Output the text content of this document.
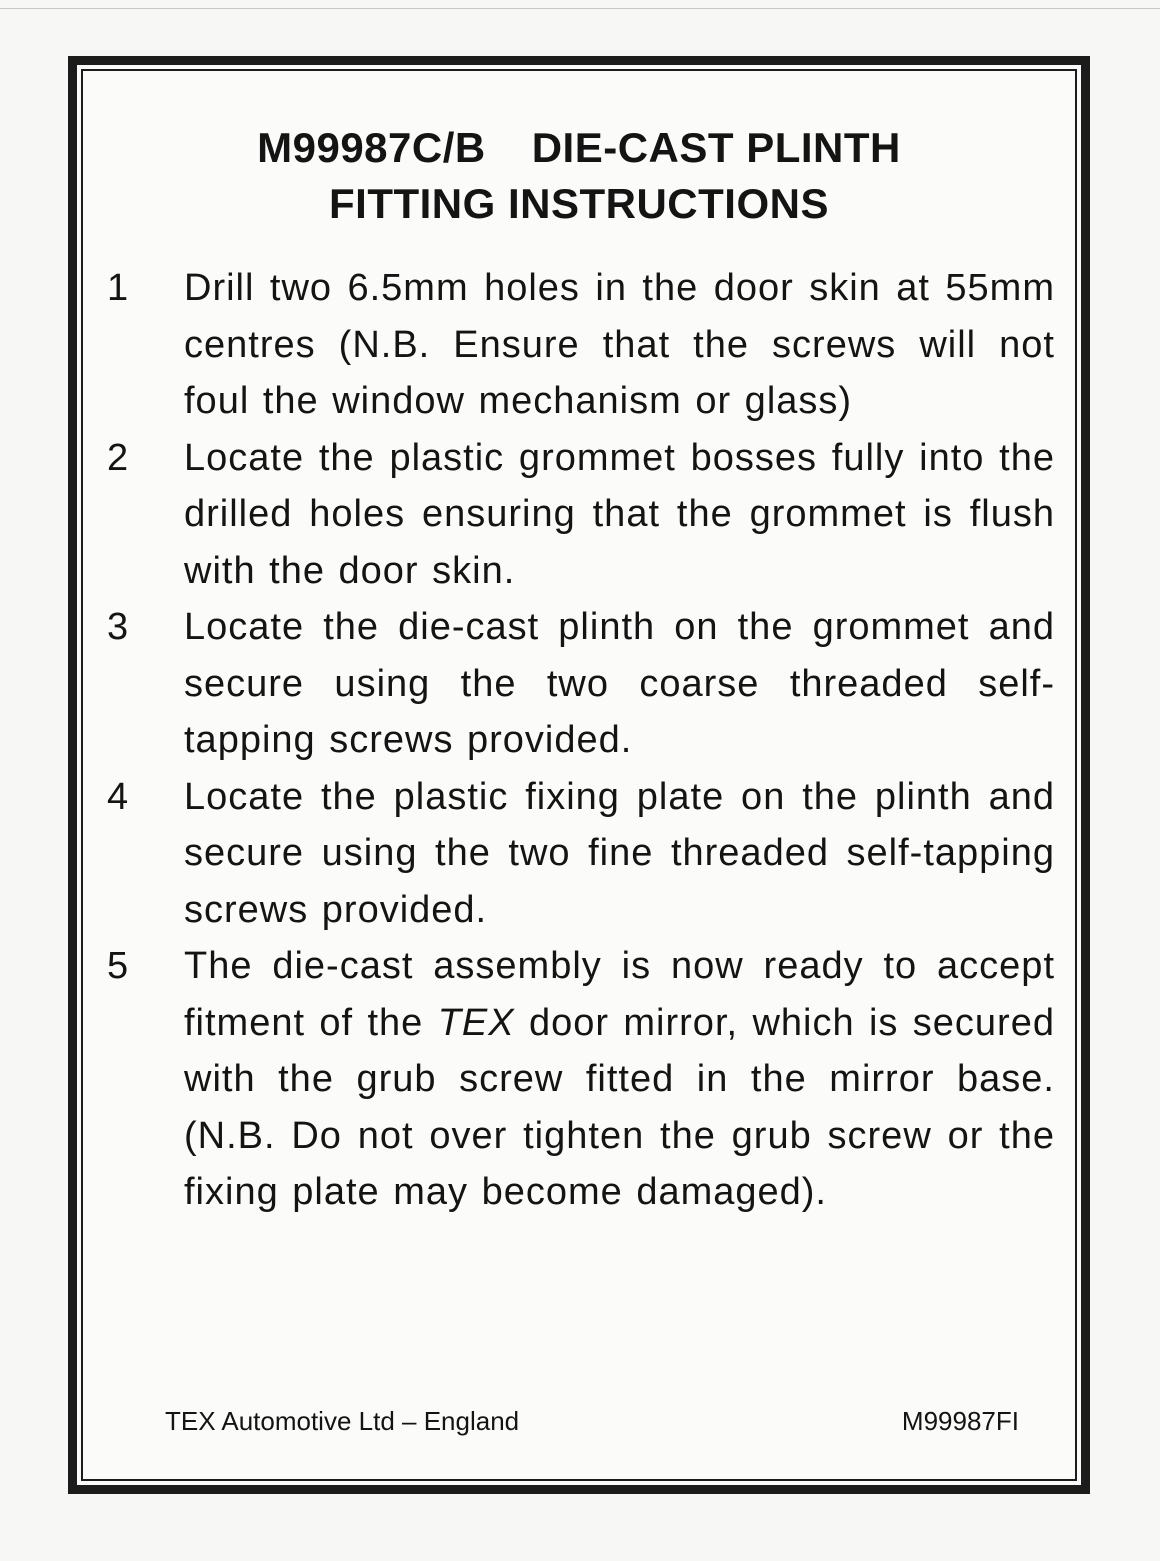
M99987C/B DIE-CAST PLINTH
FITTING INSTRUCTIONS
1	Drill two 6.5mm holes in the door skin at 55mm centres (N.B. Ensure that the screws will not foul the window mechanism or glass)
2	Locate the plastic grommet bosses fully into the drilled holes ensuring that the grommet is flush with the door skin.
3	Locate the die-cast plinth on the grommet and secure using the two coarse threaded self-tapping screws provided.
4	Locate the plastic fixing plate on the plinth and secure using the two fine threaded self-tapping screws provided.
5	The die-cast assembly is now ready to accept fitment of the TEX door mirror, which is secured with the grub screw fitted in the mirror base. (N.B. Do not over tighten the grub screw or the fixing plate may become damaged).
TEX Automotive Ltd – England	M99987FI
